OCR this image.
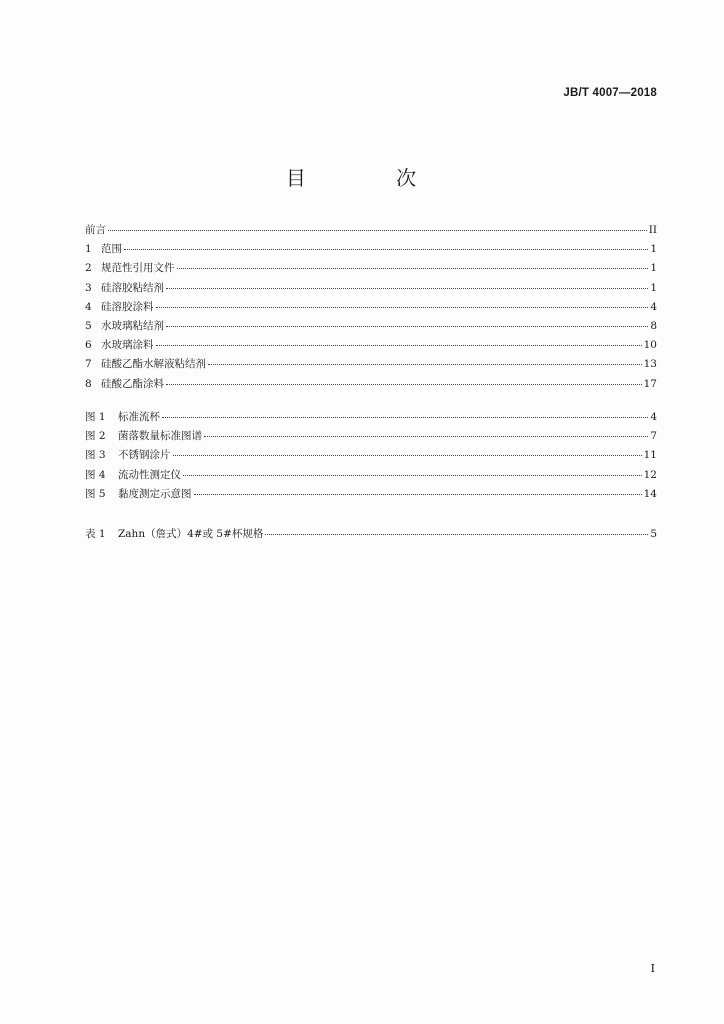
JB/T 4007—2018
目 次
前言	II
1 范围	1
2 规范性引用文件	1
3 硅溶胶粘结剂	1
4 硅溶胶涂料	4
5 水玻璃粘结剂	8
6 水玻璃涂料	10
7 硅酸乙酯水解液粘结剂	13
8 硅酸乙酯涂料	17
图 1	标准流杯	4
图 2	菌落数量标准图谱	7
图 3	不锈钢涂片	11
图 4	流动性测定仪	12
图 5	黏度测定示意图	14
表 1	Zahn（詹式）4#或 5#杯规格	5
I
